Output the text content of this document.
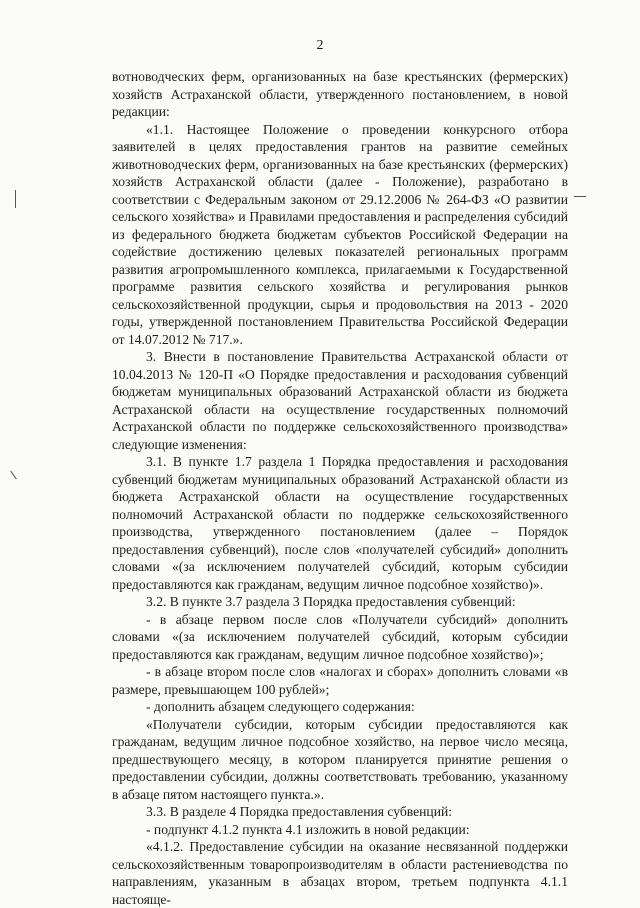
2

вотноводческих ферм, организованных на базе крестьянских (фермерских) хозяйств Астраханской области, утвержденного постановлением, в новой редакции:

«1.1. Настоящее Положение о проведении конкурсного отбора заявителей в целях предоставления грантов на развитие семейных животноводческих ферм, организованных на базе крестьянских (фермерских) хозяйств Астраханской области (далее - Положение), разработано в соответствии с Федеральным законом от 29.12.2006 № 264-ФЗ «О развитии сельского хозяйства» и Правилами предоставления и распределения субсидий из федерального бюджета бюджетам субъектов Российской Федерации на содействие достижению целевых показателей региональных программ развития агропромышленного комплекса, прилагаемыми к Государственной программе развития сельского хозяйства и регулирования рынков сельскохозяйственной продукции, сырья и продовольствия на 2013 - 2020 годы, утвержденной постановлением Правительства Российской Федерации от 14.07.2012 № 717.».

3. Внести в постановление Правительства Астраханской области от 10.04.2013 № 120-П «О Порядке предоставления и расходования субвенций бюджетам муниципальных образований Астраханской области из бюджета Астраханской области на осуществление государственных полномочий Астраханской области по поддержке сельскохозяйственного производства» следующие изменения:

3.1. В пункте 1.7 раздела 1 Порядка предоставления и расходования субвенций бюджетам муниципальных образований Астраханской области из бюджета Астраханской области на осуществление государственных полномочий Астраханской области по поддержке сельскохозяйственного производства, утвержденного постановлением (далее – Порядок предоставления субвенций), после слов «получателей субсидий» дополнить словами «(за исключением получателей субсидий, которым субсидии предоставляются как гражданам, ведущим личное подсобное хозяйство)».

3.2. В пункте 3.7 раздела 3 Порядка предоставления субвенций:

- в абзаце первом после слов «Получатели субсидий» дополнить словами «(за исключением получателей субсидий, которым субсидии предоставляются как гражданам, ведущим личное подсобное хозяйство)»;

- в абзаце втором после слов «налогах и сборах» дополнить словами «в размере, превышающем 100 рублей»;

- дополнить абзацем следующего содержания:

«Получатели субсидии, которым субсидии предоставляются как гражданам, ведущим личное подсобное хозяйство, на первое число месяца, предшествующего месяцу, в котором планируется принятие решения о предоставлении субсидии, должны соответствовать требованию, указанному в абзаце пятом настоящего пункта.».

3.3. В разделе 4 Порядка предоставления субвенций:

- подпункт 4.1.2 пункта 4.1 изложить в новой редакции:

«4.1.2. Предоставление субсидии на оказание несвязанной поддержки сельскохозяйственным товаропроизводителям в области растениеводства по направлениям, указанным в абзацах втором, третьем подпункта 4.1.1 настояще-
